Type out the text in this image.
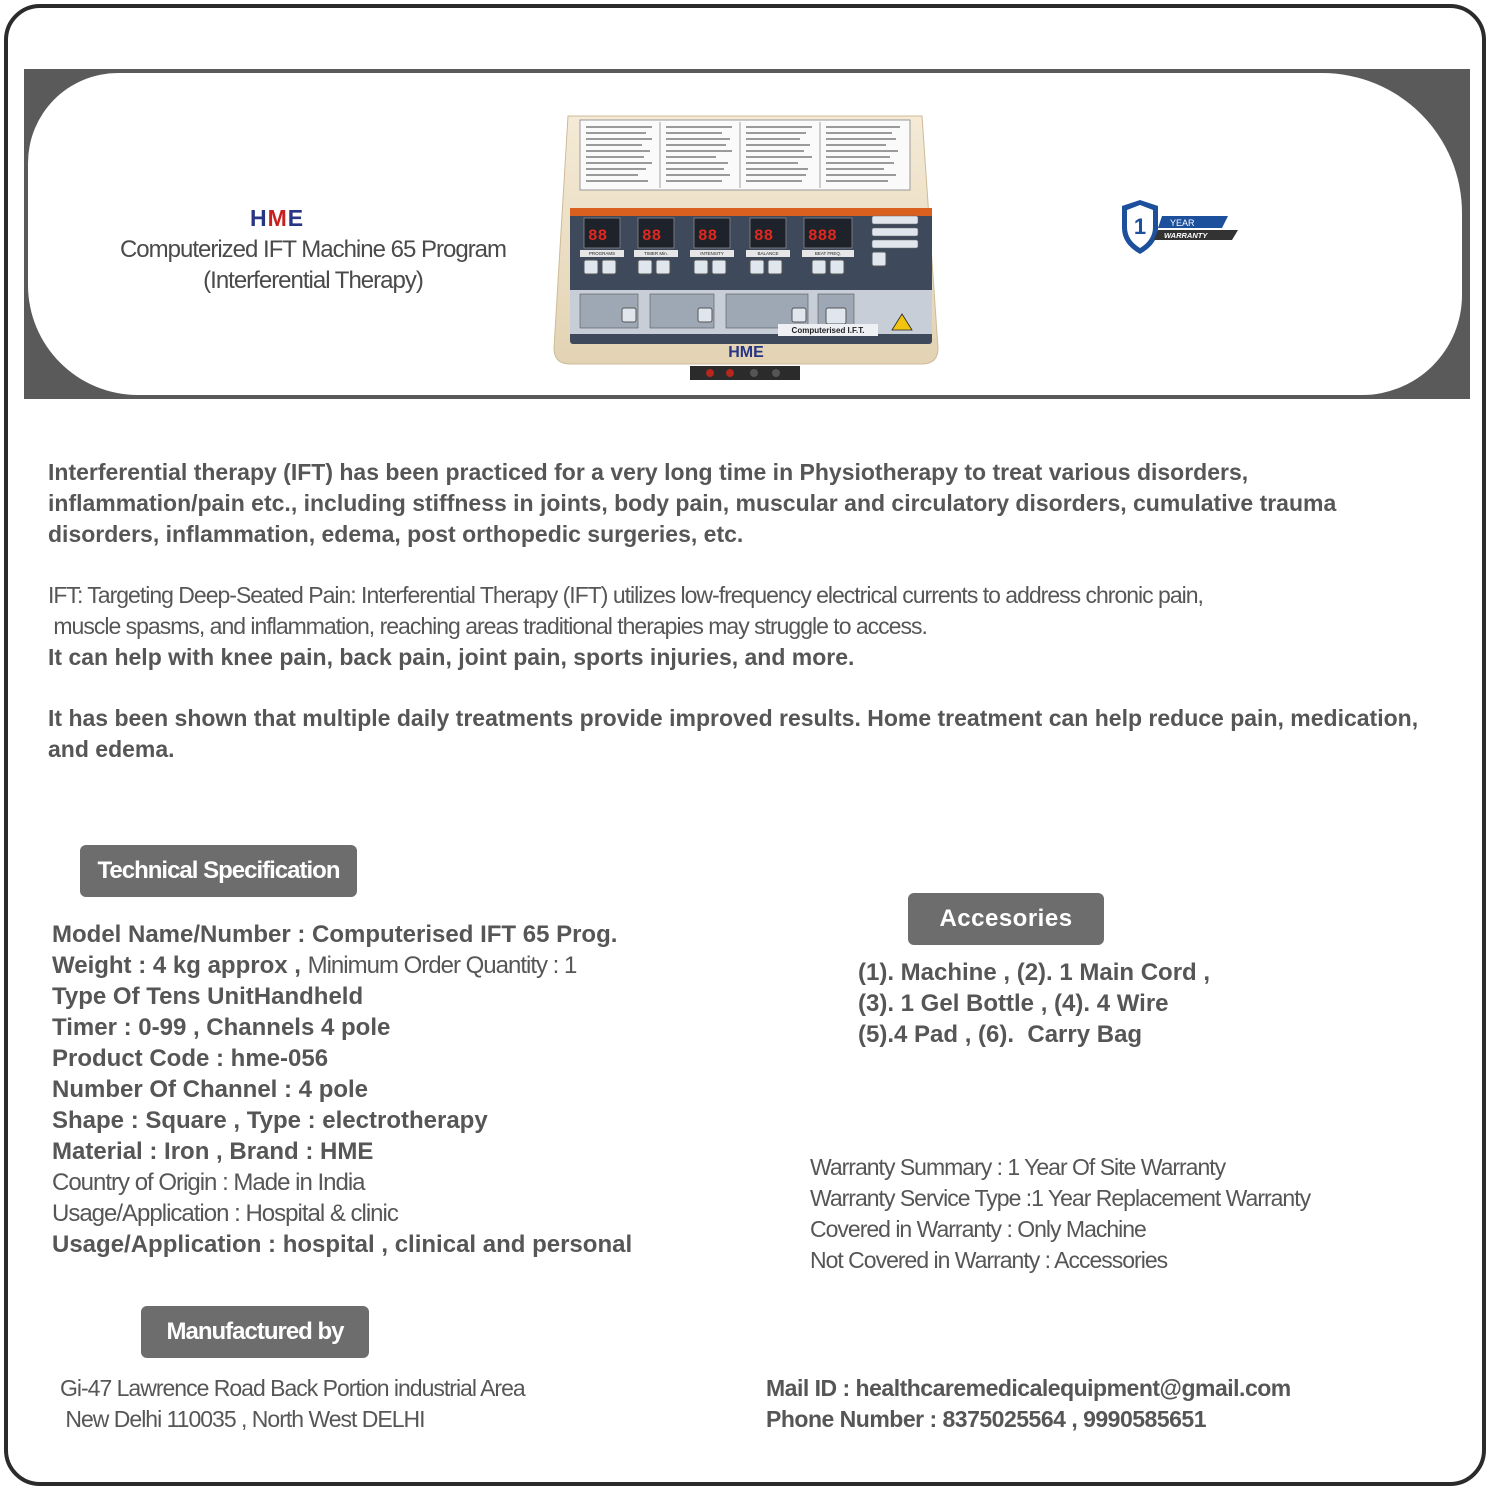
HME
Computerized IFT Machine 65 Program
(Interferential Therapy)
88 88 88 88 888
PROGRAMS	TIMER Min.	INTENSITY	BALANCE	BEAT FREQ.
Computerised I.F.T.
HME
1	YEAR
WARRANTY

Interferential therapy (IFT) has been practiced for a very long time in Physiotherapy to treat various disorders, inflammation/pain etc., including stiffness in joints, body pain, muscular and circulatory disorders, cumulative trauma disorders, inflammation, edema, post orthopedic surgeries, etc.

IFT: Targeting Deep-Seated Pain: Interferential Therapy (IFT) utilizes low-frequency electrical currents to address chronic pain,
muscle spasms, and inflammation, reaching areas traditional therapies may struggle to access.
It can help with knee pain, back pain, joint pain, sports injuries, and more.

It has been shown that multiple daily treatments provide improved results. Home treatment can help reduce pain, medication, and edema.

Technical Specification
Model Name/Number : Computerised IFT 65 Prog.
Weight : 4 kg approx , Minimum Order Quantity : 1
Type Of Tens UnitHandheld
Timer : 0-99 , Channels 4 pole
Product Code : hme-056
Number Of Channel : 4 pole
Shape : Square , Type : electrotherapy
Material : Iron , Brand : HME
Country of Origin : Made in India
Usage/Application : Hospital & clinic
Usage/Application : hospital , clinical and personal
Accesories
(1). Machine , (2). 1 Main Cord ,
(3). 1 Gel Bottle , (4). 4 Wire
(5).4 Pad , (6).  Carry Bag
Warranty Summary : 1 Year Of Site Warranty
Warranty Service Type :1 Year Replacement Warranty
Covered in Warranty : Only Machine
Not Covered in Warranty : Accessories
Manufactured by
Gi-47 Lawrence Road Back Portion industrial Area
New Delhi 110035 , North West DELHI
Mail ID : healthcaremedicalequipment@gmail.com
Phone Number : 8375025564 , 9990585651
